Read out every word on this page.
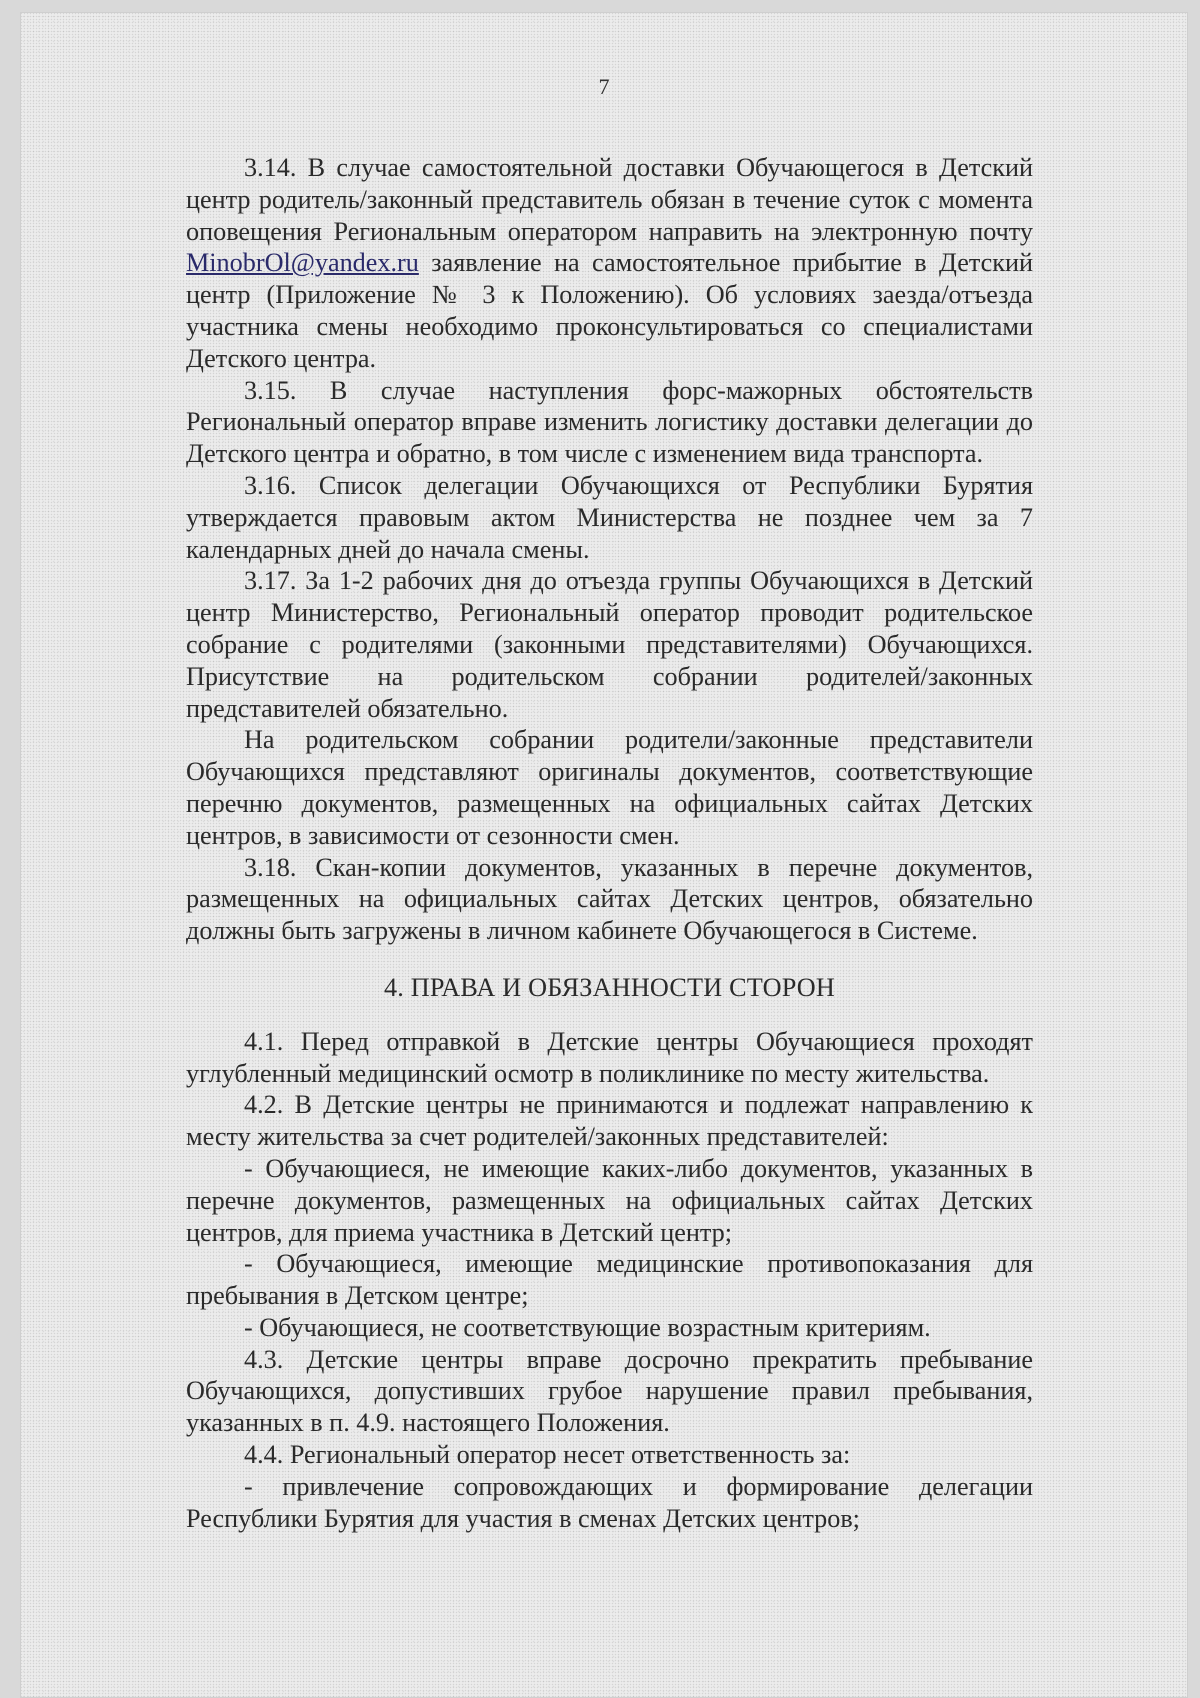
7

3.14. В случае самостоятельной доставки Обучающегося в Детский центр родитель/законный представитель обязан в течение суток с момента оповещения Региональным оператором направить на электронную почту MinobrOl@yandex.ru заявление на самостоятельное прибытие в Детский центр (Приложение № 3 к Положению). Об условиях заезда/отъезда участника смены необходимо проконсультироваться со специалистами Детского центра.

3.15. В случае наступления форс-мажорных обстоятельств Региональный оператор вправе изменить логистику доставки делегации до Детского центра и обратно, в том числе с изменением вида транспорта.

3.16. Список делегации Обучающихся от Республики Бурятия утверждается правовым актом Министерства не позднее чем за 7 календарных дней до начала смены.

3.17. За 1-2 рабочих дня до отъезда группы Обучающихся в Детский центр Министерство, Региональный оператор проводит родительское собрание с родителями (законными представителями) Обучающихся. Присутствие на родительском собрании родителей/законных представителей обязательно.

На родительском собрании родители/законные представители Обучающихся представляют оригиналы документов, соответствующие перечню документов, размещенных на официальных сайтах Детских центров, в зависимости от сезонности смен.

3.18. Скан-копии документов, указанных в перечне документов, размещенных на официальных сайтах Детских центров, обязательно должны быть загружены в личном кабинете Обучающегося в Системе.

4. ПРАВА И ОБЯЗАННОСТИ СТОРОН

4.1. Перед отправкой в Детские центры Обучающиеся проходят углубленный медицинский осмотр в поликлинике по месту жительства.

4.2. В Детские центры не принимаются и подлежат направлению к месту жительства за счет родителей/законных представителей:

- Обучающиеся, не имеющие каких-либо документов, указанных в перечне документов, размещенных на официальных сайтах Детских центров, для приема участника в Детский центр;

- Обучающиеся, имеющие медицинские противопоказания для пребывания в Детском центре;

- Обучающиеся, не соответствующие возрастным критериям.

4.3. Детские центры вправе досрочно прекратить пребывание Обучающихся, допустивших грубое нарушение правил пребывания, указанных в п. 4.9. настоящего Положения.

4.4. Региональный оператор несет ответственность за:

- привлечение сопровождающих и формирование делегации Республики Бурятия для участия в сменах Детских центров;
